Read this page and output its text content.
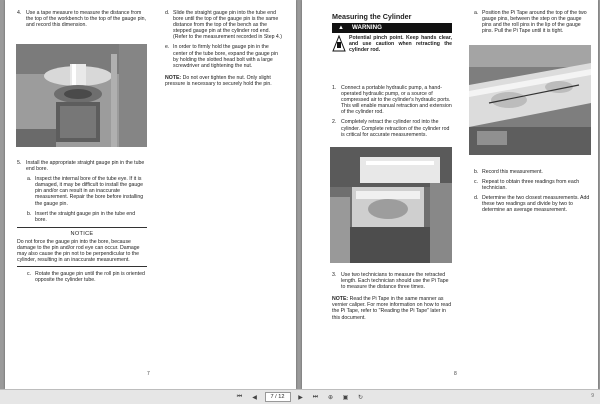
4. Use a tape measure to measure the distance from the top of the workbench to the top of the gauge pin, and record this dimension.
5. Install the appropriate straight gauge pin in the tube end bore.
a. Inspect the internal bore of the tube eye. If it is damaged, it may be difficult to install the gauge pin and/or can result in an inaccurate measurement. Repair the bore before installing the gauge pin.
b. Insert the straight gauge pin in the tube end bore.
NOTICE
Do not force the gauge pin into the bore, because damage to the pin and/or rod eye can occur. Damage may also cause the pin not to be perpendicular to the cylinder, resulting in an inaccurate measurement.
c. Rotate the gauge pin until the roll pin is oriented opposite the cylinder tube.
d. Slide the straight gauge pin into the tube end bore until the top of the gauge pin is the same distance from the top of the bench as the stepped gauge pin at the cylinder rod end. (Refer to the measurement recorded in Step 4.)
e. In order to firmly hold the gauge pin in the center of the tube bore, expand the gauge pin by holding the slotted head bolt with a large screwdriver and tightening the nut.

NOTE: Do not over tighten the nut. Only slight pressure is necessary to securely hold the pin.

7
Measuring the Cylinder
▲ WARNING
Potential pinch point. Keep hands clear, and use caution when retracting the cylinder rod.
1. Connect a portable hydraulic pump, a hand-operated hydraulic pump, or a source of compressed air to the cylinder's hydraulic ports. This will enable manual retraction and extension of the cylinder rod.
2. Completely retract the cylinder rod into the cylinder. Complete retraction of the cylinder rod is critical for accurate measurements.
3. Use two technicians to measure the retracted length. Each technician should use the Pi Tape to measure the distance three times.

NOTE: Read the Pi Tape in the same manner as vernier caliper. For more information on how to read the Pi Tape, refer to "Reading the Pi Tape" later in this document.

a. Position the Pi Tape around the top of the two gauge pins, between the step on the gauge pins and the roll pins in the lip of the gauge pins. Pull the Pi Tape until it is tight.
b. Record this measurement.
c. Repeat to obtain three readings from each technician.
d. Determine the two closest measurements. Add these two readings and divide by two to determine an average measurement.
8
⏮	◀	7 / 12	▶	⏭	⊕	▣	↻	9
